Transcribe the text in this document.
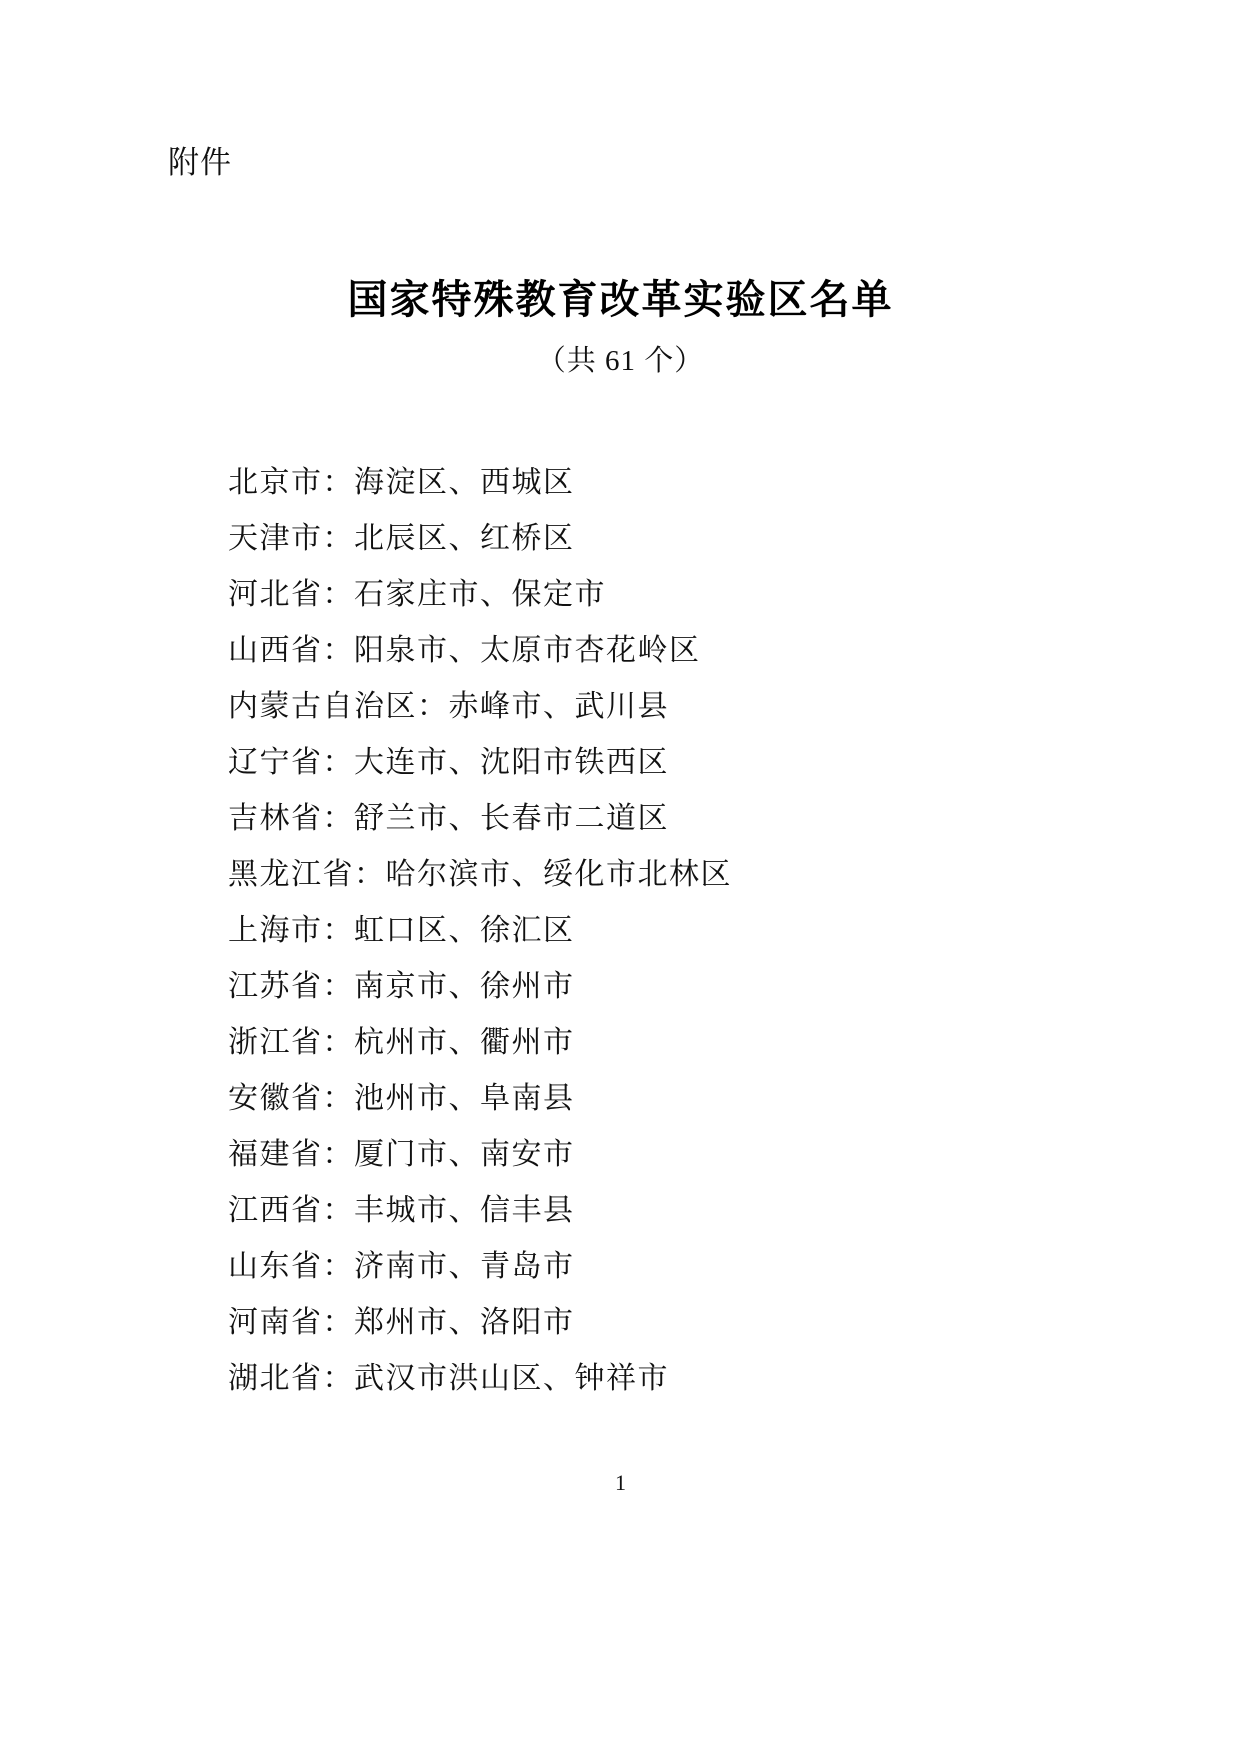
附件
国家特殊教育改革实验区名单
（共 61 个）
北京市：海淀区、西城区
天津市：北辰区、红桥区
河北省：石家庄市、保定市
山西省：阳泉市、太原市杏花岭区
内蒙古自治区：赤峰市、武川县
辽宁省：大连市、沈阳市铁西区
吉林省：舒兰市、长春市二道区
黑龙江省：哈尔滨市、绥化市北林区
上海市：虹口区、徐汇区
江苏省：南京市、徐州市
浙江省：杭州市、衢州市
安徽省：池州市、阜南县
福建省：厦门市、南安市
江西省：丰城市、信丰县
山东省：济南市、青岛市
河南省：郑州市、洛阳市
湖北省：武汉市洪山区、钟祥市
1
